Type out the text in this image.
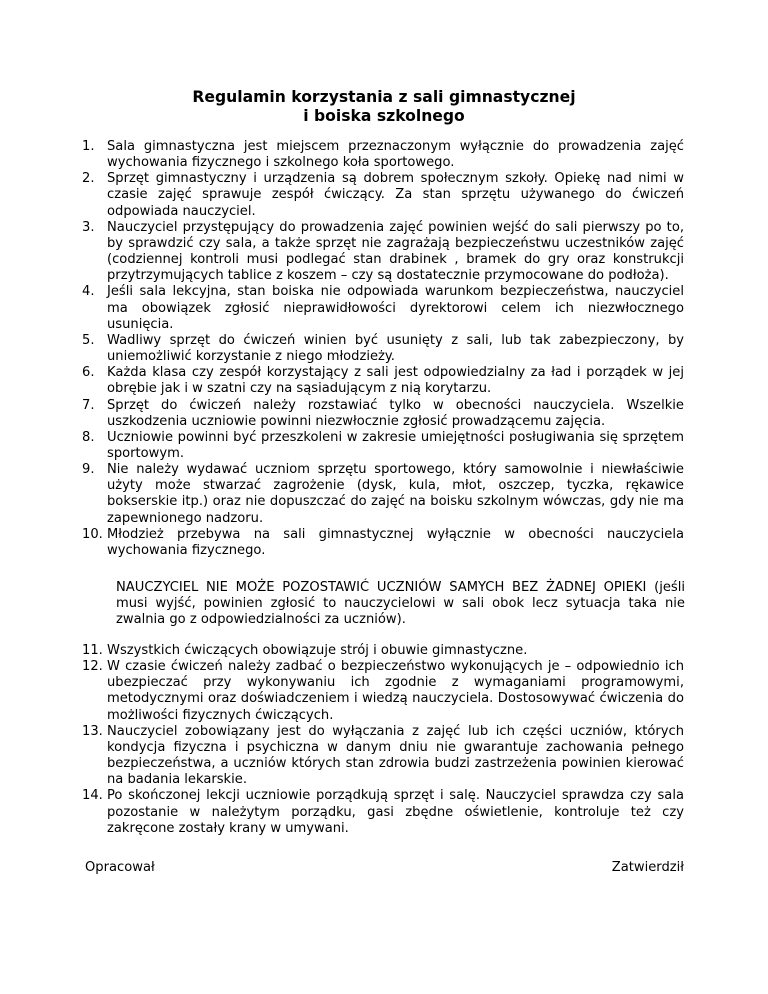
Regulamin korzystania z sali gimnastycznej
i boiska szkolnego
1. Sala gimnastyczna jest miejscem przeznaczonym wyłącznie do prowadzenia zajęć wychowania fizycznego i szkolnego koła sportowego.
2. Sprzęt gimnastyczny i urządzenia są dobrem społecznym szkoły. Opiekę nad nimi w czasie zajęć sprawuje zespół ćwiczący. Za stan sprzętu używanego do ćwiczeń odpowiada nauczyciel.
3. Nauczyciel przystępujący do prowadzenia zajęć powinien wejść do sali pierwszy po to, by sprawdzić czy sala, a także sprzęt nie zagrażają bezpieczeństwu uczestników zajęć (codziennej kontroli musi podlegać stan drabinek , bramek do gry oraz konstrukcji przytrzymujących tablice z koszem – czy są dostatecznie przymocowane do podłoża).
4. Jeśli sala lekcyjna, stan boiska nie odpowiada warunkom bezpieczeństwa, nauczyciel ma obowiązek zgłosić nieprawidłowości dyrektorowi celem ich niezwłocznego usunięcia.
5. Wadliwy sprzęt do ćwiczeń winien być usunięty z sali, lub tak zabezpieczony, by uniemożliwić korzystanie z niego młodzieży.
6. Każda klasa czy zespół korzystający z sali jest odpowiedzialny za ład i porządek w jej obrębie jak i w szatni czy na sąsiadującym z nią korytarzu.
7. Sprzęt do ćwiczeń należy rozstawiać tylko w obecności nauczyciela. Wszelkie uszkodzenia uczniowie powinni niezwłocznie zgłosić prowadzącemu zajęcia.
8. Uczniowie powinni być przeszkoleni w zakresie umiejętności posługiwania się sprzętem sportowym.
9. Nie należy wydawać uczniom sprzętu sportowego, który samowolnie i niewłaściwie użyty może stwarzać zagrożenie (dysk, kula, młot, oszczep, tyczka, rękawice bokserskie itp.) oraz nie dopuszczać do zajęć na boisku szkolnym wówczas, gdy nie ma zapewnionego nadzoru.
10. Młodzież przebywa na sali gimnastycznej wyłącznie w obecności nauczyciela wychowania fizycznego.
NAUCZYCIEL NIE MOŻE POZOSTAWIĆ UCZNIÓW SAMYCH BEZ ŻADNEJ OPIEKI (jeśli musi wyjść, powinien zgłosić to nauczycielowi w sali obok lecz sytuacja taka nie zwalnia go z odpowiedzialności za uczniów).
11. Wszystkich ćwiczących obowiązuje strój i obuwie gimnastyczne.
12. W czasie ćwiczeń należy zadbać o bezpieczeństwo wykonujących je – odpowiednio ich ubezpieczać przy wykonywaniu ich zgodnie z wymaganiami programowymi, metodycznymi oraz doświadczeniem i wiedzą nauczyciela. Dostosowywać ćwiczenia do możliwości fizycznych ćwiczących.
13. Nauczyciel zobowiązany jest do wyłączania z zajęć lub ich części uczniów, których kondycja fizyczna i psychiczna w danym dniu nie gwarantuje zachowania pełnego bezpieczeństwa, a uczniów których stan zdrowia budzi zastrzeżenia powinien kierować na badania lekarskie.
14. Po skończonej lekcji uczniowie porządkują sprzęt i salę. Nauczyciel sprawdza czy sala pozostanie w należytym porządku, gasi zbędne oświetlenie, kontroluje też czy zakręcone zostały krany w umywani.
Opracował	Zatwierdził
